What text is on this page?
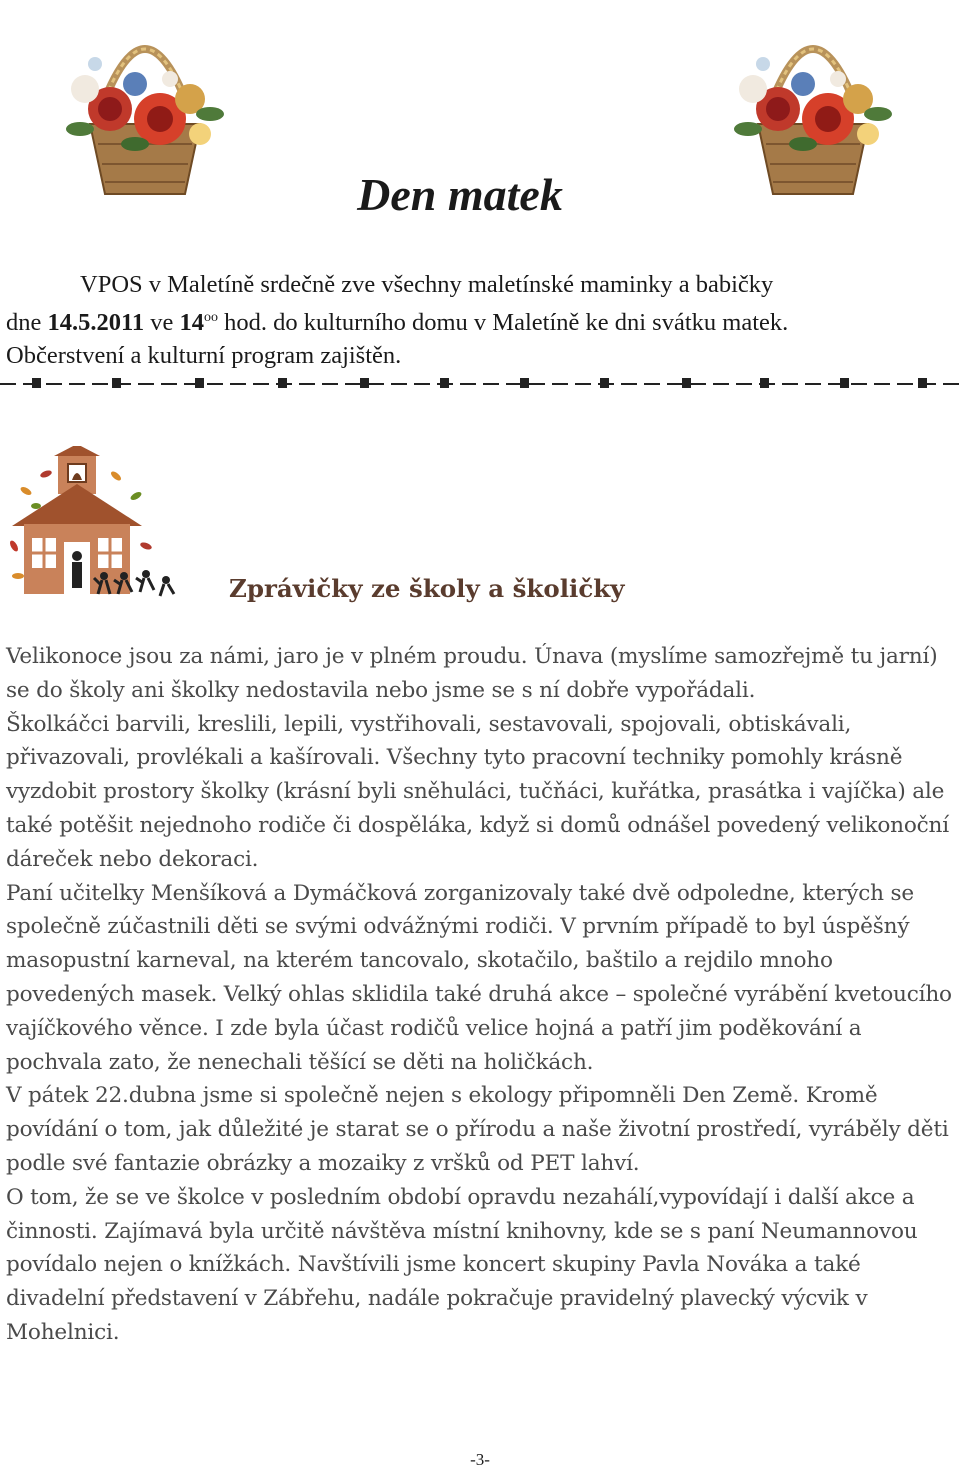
Den matek

VPOS v Maletíně srdečně zve všechny maletínské maminky a babičky
dne 14.5.2011 ve $14^{oo}$ hod. do kulturního domu v Maletíně ke dni svátku matek.
Občerstvení a kulturní program zajištěn.

Zprávičky ze školy a školičky

Velikonoce jsou za námi, jaro je v plném proudu. Únava (myslíme samozřejmě tu jarní) se do školy ani školky nedostavila nebo jsme se s ní dobře vypořádali.

Školkáčci barvili, kreslili, lepili, vystřihovali, sestavovali, spojovali, obtiskávali, přivazovali, provlékali a kašírovali. Všechny tyto pracovní techniky pomohly krásně vyzdobit prostory školky (krásní byli sněhuláci, tučňáci, kuřátka, prasátka i vajíčka) ale také potěšit nejednoho rodiče či dospěláka, když si domů odnášel povedený velikonoční dáreček nebo dekoraci.

Paní učitelky Menšíková a Dymáčková zorganizovaly také dvě odpoledne, kterých se společně zúčastnili děti se svými odvážnými rodiči. V prvním případě to byl úspěšný masopustní karneval, na kterém tancovalo, skotačilo, baštilo a rejdilo mnoho povedených masek. Velký ohlas sklidila také druhá akce – společné vyrábění kvetoucího vajíčkového věnce. I zde byla účast rodičů velice hojná a patří jim poděkování a pochvala zato, že nenechali těšící se děti na holičkách.

V pátek 22.dubna jsme si společně nejen s ekology připomněli Den Země. Kromě povídání o tom, jak důležité je starat se o přírodu a naše životní prostředí, vyráběly děti podle své fantazie obrázky a mozaiky z vršků od PET lahví.

O tom, že se ve školce v posledním období opravdu nezahálí,vypovídají i další akce a činnosti. Zajímavá byla určitě návštěva místní knihovny, kde se s paní Neumannovou povídalo nejen o knížkách. Navštívili jsme koncert skupiny Pavla Nováka a také divadelní představení v Zábřehu, nadále pokračuje pravidelný plavecký výcvik v Mohelnici.

-3-
